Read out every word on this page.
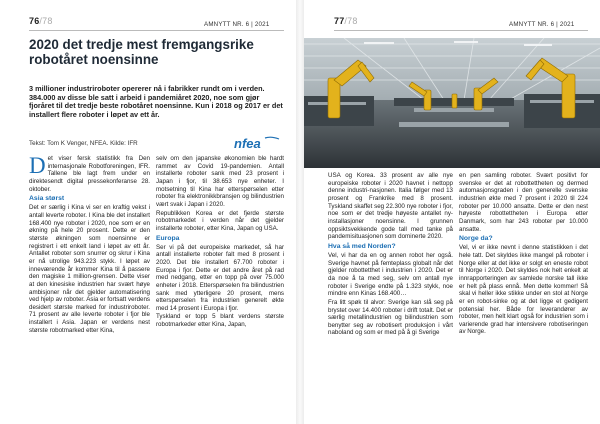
76/78	AMNYTT NR. 6 | 2021
2020 det tredje mest fremgangsrike robotåret noensinne

3 millioner industriroboter opererer nå i fabrikker rundt om i verden. 384.000 av disse ble satt i arbeid i pandemiåret 2020, noe som gjør fjoråret til det tredje beste robotåret noensinne. Kun i 2018 og 2017 er det installert flere roboter i løpet av ett år.

Tekst: Tom K Venger, NFEA. Kilde: IFR	nfea

Det viser fersk statistikk fra Den internasjonale Robotforeningen, IFR. Tallene ble lagt frem under en direktesendt digital pressekonferanse 28. oktober.

Asia størst

Det er særlig i Kina vi ser en kraftig vekst i antall leverte roboter. I Kina ble det installert 168.400 nye roboter i 2020, noe som er en økning på hele 20 prosent. Dette er den største økningen som noensinne er registrert i ett enkelt land i løpet av ett år. Antallet roboter som snurrer og skrur i Kina er nå utrolige 943.223 stykk. I løpet av inneværende år kommer Kina til å passere den magiske 1 million-grensen. Dette viser at den kinesiske industrien har svært høye ambisjoner når det gjelder automatisering ved hjelp av roboter. Asia er fortsatt verdens desidert største marked for industriroboter. 71 prosent av alle leverte roboter i fjor ble installert i Asia. Japan er verdens nest største robotmarked etter Kina,

selv om den japanske økonomien ble hardt rammet av Covid 19-pandemien. Antall installerte roboter sank med 23 prosent i Japan i fjor, til 38.653 nye enheter. I motsetning til Kina har etterspørselen etter roboter fra elektronikkbransjen og bilindustrien vært svak i Japan i 2020.

Republikken Korea er det fjerde største robotmarkedet i verden når det gjelder installerte roboter, etter Kina, Japan og USA.

Europa

Ser vi på det europeiske markedet, så har antall installerte roboter falt med 8 prosent i 2020. Det ble installert 67.700 roboter i Europa i fjor. Dette er det andre året på rad med nedgang, etter en topp på over 75.000 enheter i 2018. Etterspørselen fra bilindustrien sank med ytterligere 20 prosent, mens etterspørselen fra industrien generelt økte med 14 prosent i Europa i fjor.

Tyskland er topp 5 blant verdens største robotmarkeder etter Kina, Japan,

77/78	AMNYTT NR. 6 | 2021

USA og Korea. 33 prosent av alle nye europeiske roboter i 2020 havnet i nettopp denne industri-nasjonen. Italia følger med 13 prosent og Frankrike med 8 prosent. Tyskland skaffet seg 22.300 nye roboter i fjor, noe som er det tredje høyeste antallet ny-installasjoner noensinne. I grunnen oppsiktsvekkende gode tall med tanke på pandemisituasjonen som dominerte 2020.

Hva så med Norden?

Vel, vi har da en og annen robot her også. Sverige havnet på femteplass globalt når det gjelder robottetthet i industrien i 2020. Det er da noe å ta med seg, selv om antall nye roboter i Sverige endte på 1.323 stykk, noe mindre enn Kinas 168.400…

Fra litt spøk til alvor: Sverige kan slå seg på brystet over 14.400 roboter i drift totalt. Det er særlig metallindustrien og bilindustrien som benytter seg av robotisert produksjon i vårt naboland og som er med på å gi Sverige

en pen samling roboter. Svært positivt for svenske er det at robottettheten og dermed automasjonsgraden i den generelle svenske industrien økte med 7 prosent i 2020 til 224 roboter per 10.000 ansatte. Dette er den nest høyeste robottettheten i Europa etter Danmark, som har 243 roboter per 10.000 ansatte.

Norge da?

Vel, vi er ikke nevnt i denne statistikken i det hele tatt. Det skyldes ikke mangel på roboter i Norge eller at det ikke er solgt en eneste robot til Norge i 2020. Det skyldes nok helt enkelt at innrapporteringen av samlede norske tall ikke er helt på plass ennå. Men dette kommer! Så skal vi heller ikke stikke under en stol at Norge er en robot-sinke og at det ligge et gedigent potensial her. Både for leverandører av roboter, men helt klart også for industrien som i varierende grad har intensivere robotiseringen av Norge.
